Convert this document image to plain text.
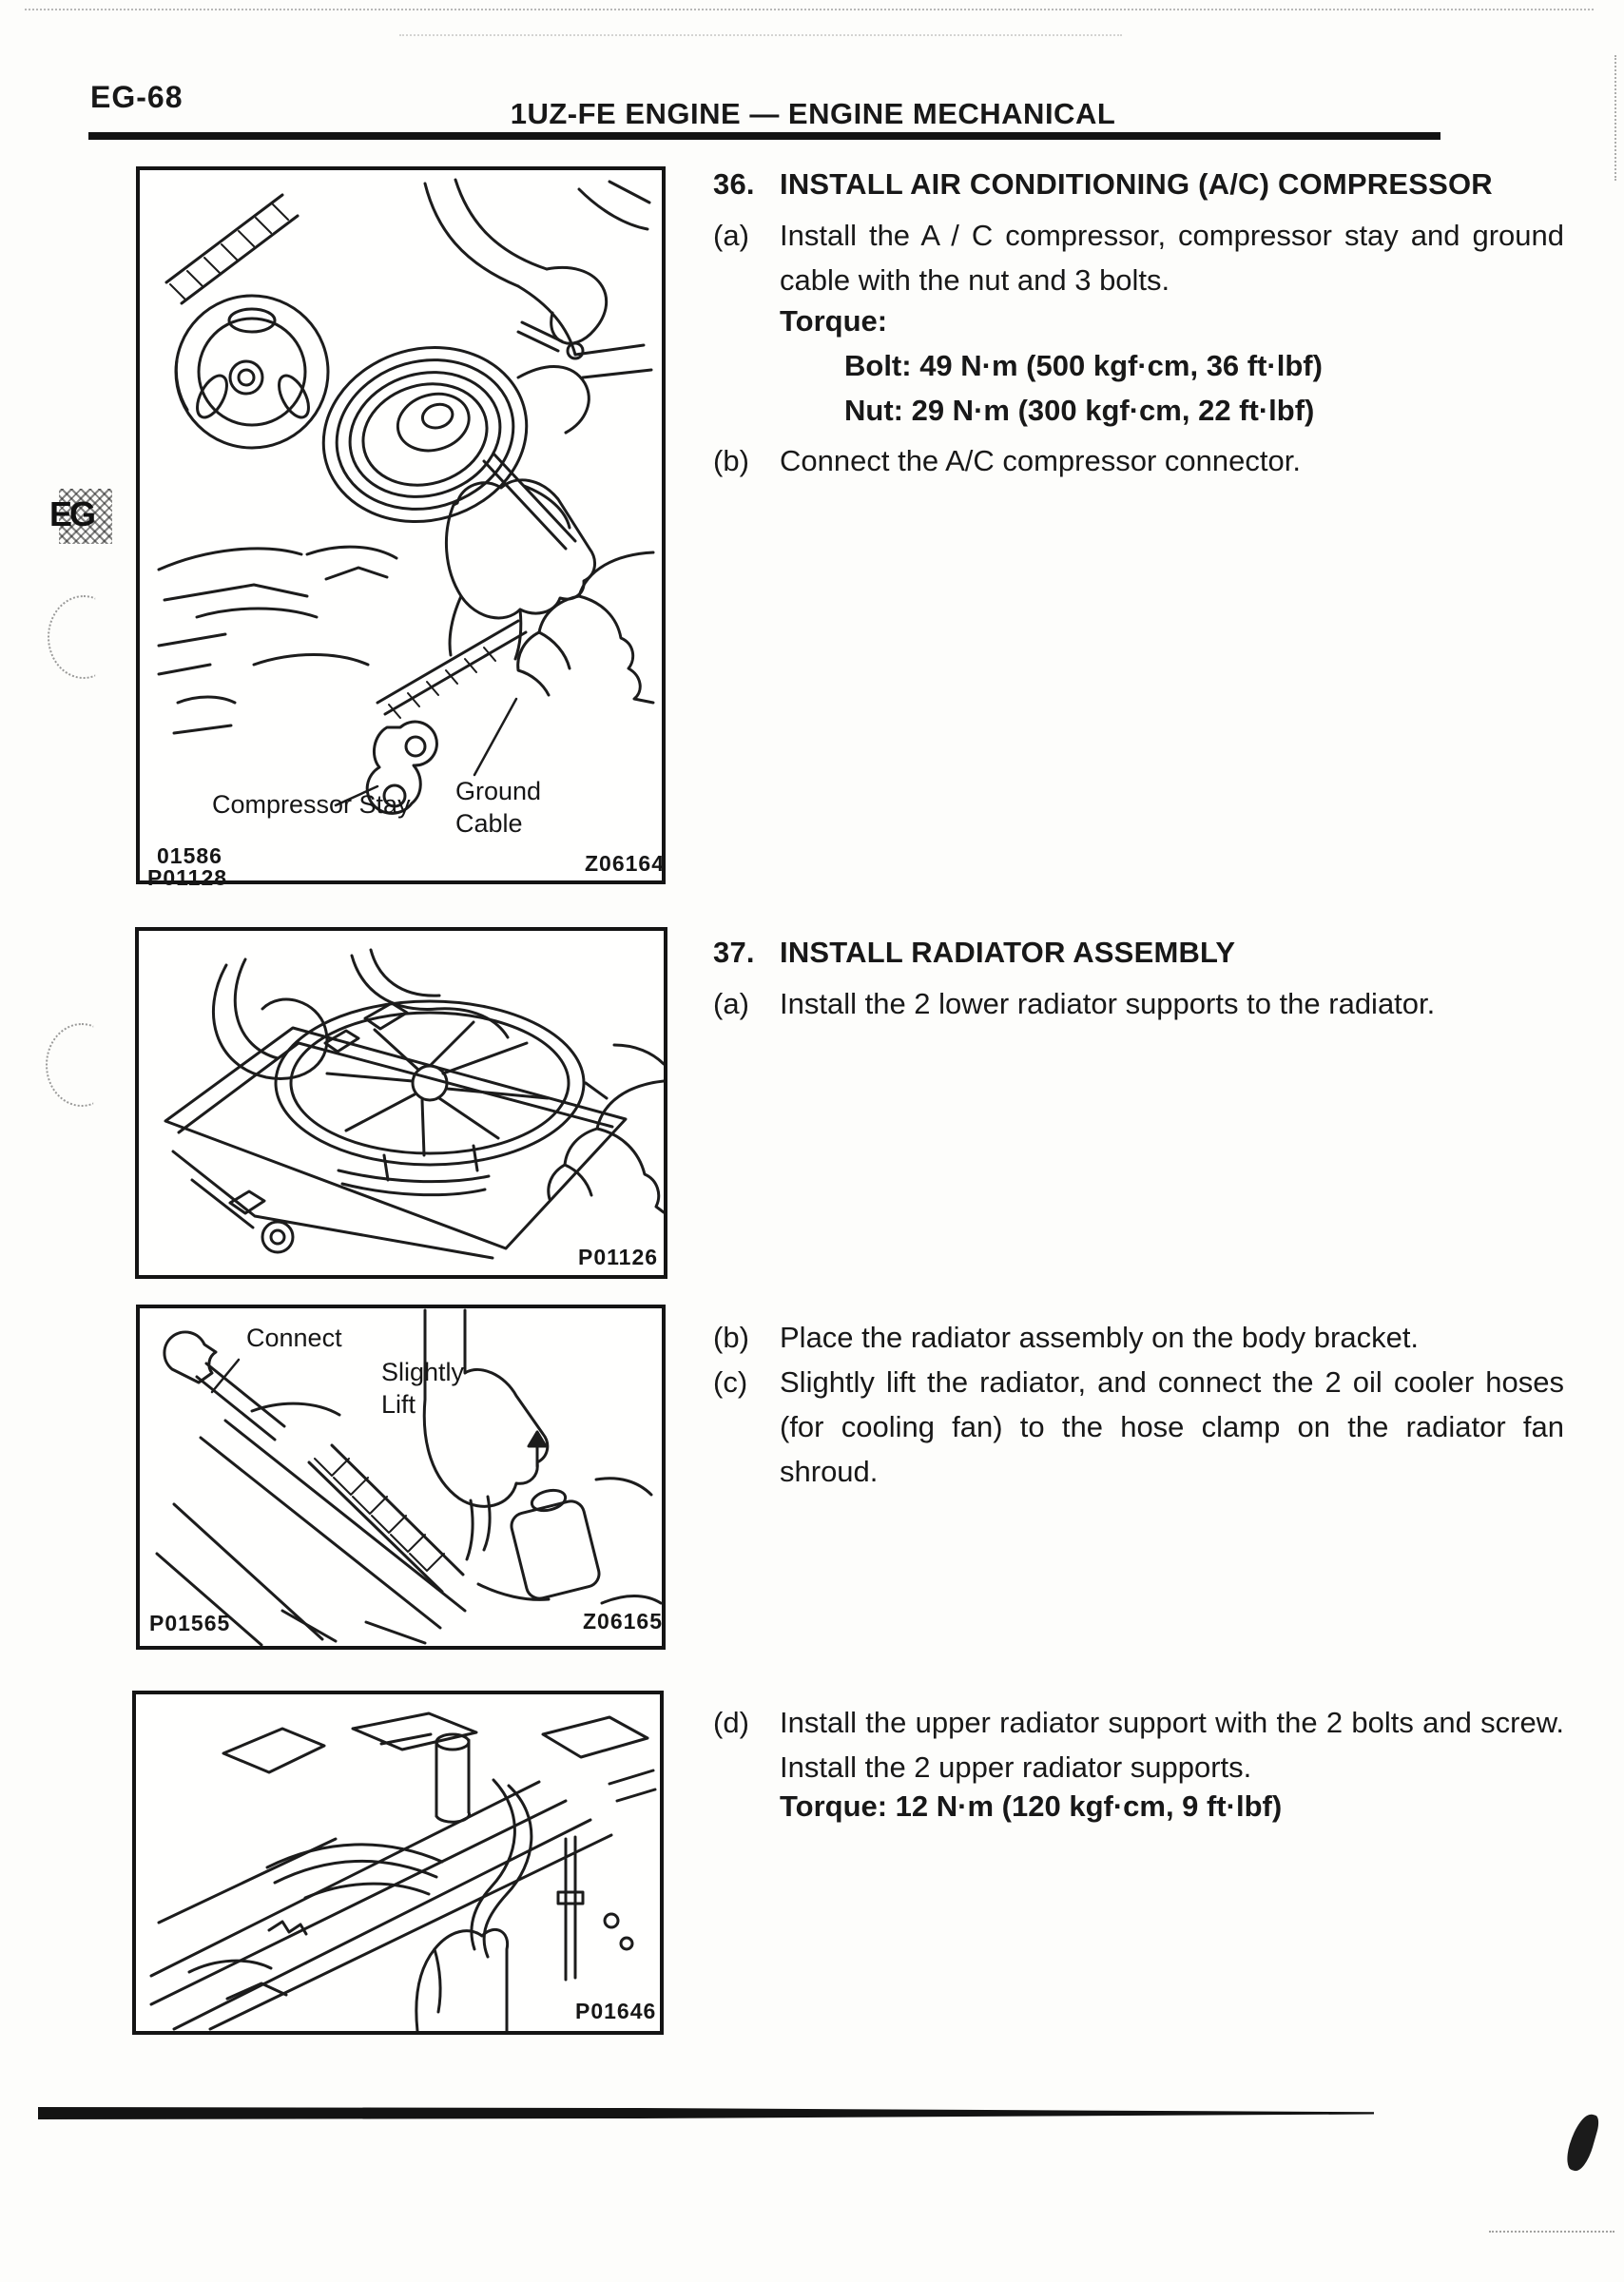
EG-68	1UZ-FE ENGINE — ENGINE MECHANICAL
EG
Compressor Stay Ground Cable
01586
P01128
Z06164
P01126
Connect
Slightly Lift
P01565	Z06165
P01646
36. INSTALL AIR CONDITIONING (A/C) COMPRESSOR
(a) Install the A / C compressor, compressor stay and ground cable with the nut and 3 bolts.
Torque:
Bolt: 49 N·m (500 kgf·cm, 36 ft·lbf)
Nut: 29 N·m (300 kgf·cm, 22 ft·lbf)
(b) Connect the A/C compressor connector.
37. INSTALL RADIATOR ASSEMBLY
(a) Install the 2 lower radiator supports to the radiator.
(b) Place the radiator assembly on the body bracket.
(c) Slightly lift the radiator, and connect the 2 oil cooler hoses (for cooling fan) to the hose clamp on the radiator fan shroud.
(d) Install the upper radiator support with the 2 bolts and screw. Install the 2 upper radiator supports.
Torque: 12 N·m (120 kgf·cm, 9 ft·lbf)
